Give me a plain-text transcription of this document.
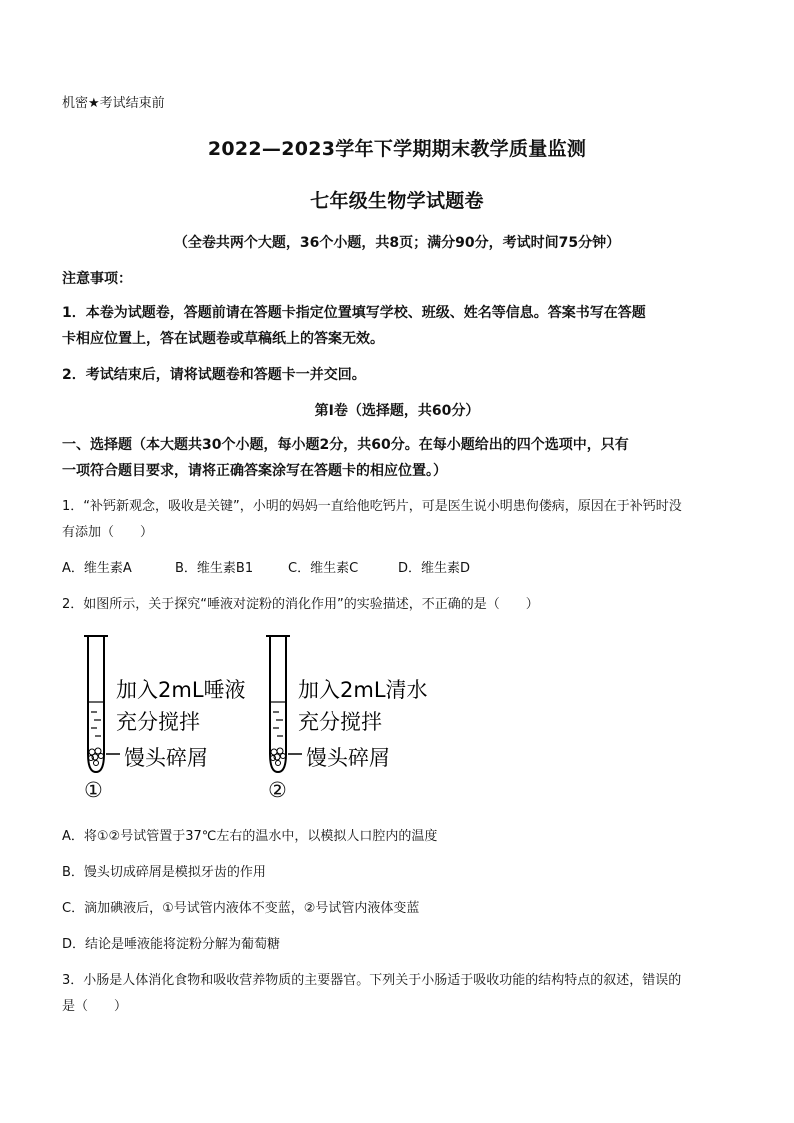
机密★考试结束前
2022—2023学年下学期期末教学质量监测
七年级生物学试题卷
（全卷共两个大题，36个小题，共8页；满分90分，考试时间75分钟）
注意事项：
1．本卷为试题卷，答题前请在答题卡指定位置填写学校、班级、姓名等信息。答案书写在答题
卡相应位置上，答在试题卷或草稿纸上的答案无效。
2．考试结束后，请将试题卷和答题卡一并交回。
第Ⅰ卷（选择题，共60分）
一、选择题（本大题共30个小题，每小题2分，共60分。在每小题给出的四个选项中，只有
一项符合题目要求，请将正确答案涂写在答题卡的相应位置。）
1．“补钙新观念，吸收是关键”，小明的妈妈一直给他吃钙片，可是医生说小明患佝偻病，原因在于补钙时没
有添加（　　）
A．维生素A	B．维生素B1	C．维生素C	D．维生素D
2．如图所示，关于探究“唾液对淀粉的消化作用”的实验描述，不正确的是（　　）
加入2mL唾液
充分搅拌
馒头碎屑
①
加入2mL清水
充分搅拌
馒头碎屑
②
A．将①②号试管置于37℃左右的温水中，以模拟人口腔内的温度
B．馒头切成碎屑是模拟牙齿的作用
C．滴加碘液后，①号试管内液体不变蓝，②号试管内液体变蓝
D．结论是唾液能将淀粉分解为葡萄糖
3．小肠是人体消化食物和吸收营养物质的主要器官。下列关于小肠适于吸收功能的结构特点的叙述，错误的
是（　　）
